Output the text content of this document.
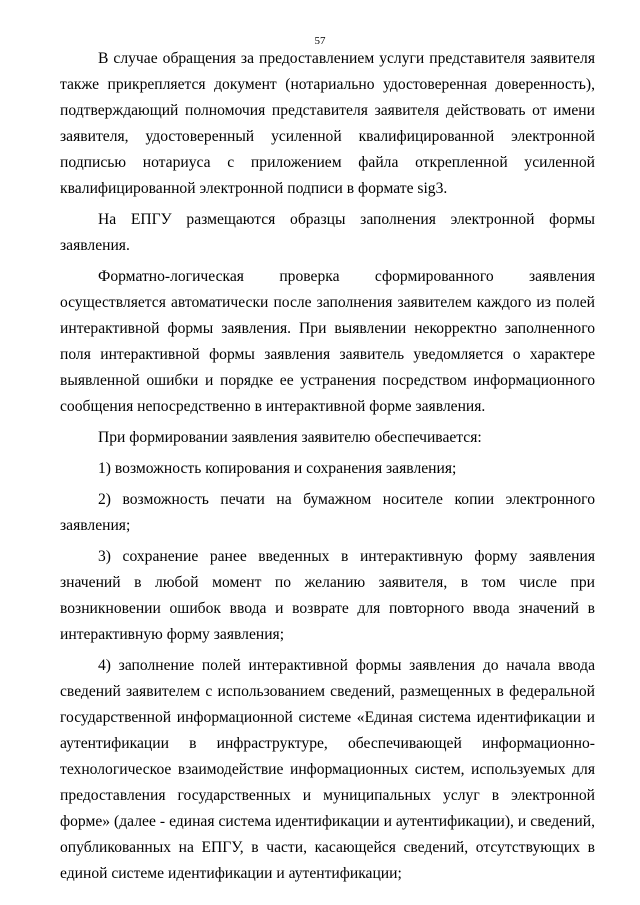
57

В случае обращения за предоставлением услуги представителя заявителя также прикрепляется документ (нотариально удостоверенная доверенность), подтверждающий полномочия представителя заявителя действовать от имени заявителя, удостоверенный усиленной квалифицированной электронной подписью нотариуса с приложением файла открепленной усиленной квалифицированной электронной подписи в формате sig3.

На ЕПГУ размещаются образцы заполнения электронной формы заявления.

Форматно-логическая проверка сформированного заявления осуществляется автоматически после заполнения заявителем каждого из полей интерактивной формы заявления. При выявлении некорректно заполненного поля интерактивной формы заявления заявитель уведомляется о характере выявленной ошибки и порядке ее устранения посредством информационного сообщения непосредственно в интерактивной форме заявления.

При формировании заявления заявителю обеспечивается:

1) возможность копирования и сохранения заявления;

2) возможность печати на бумажном носителе копии электронного заявления;

3) сохранение ранее введенных в интерактивную форму заявления значений в любой момент по желанию заявителя, в том числе при возникновении ошибок ввода и возврате для повторного ввода значений в интерактивную форму заявления;

4) заполнение полей интерактивной формы заявления до начала ввода сведений заявителем с использованием сведений, размещенных в федеральной государственной информационной системе «Единая система идентификации и аутентификации в инфраструктуре, обеспечивающей информационно-технологическое взаимодействие информационных систем, используемых для предоставления государственных и муниципальных услуг в электронной форме» (далее - единая система идентификации и аутентификации), и сведений, опубликованных на ЕПГУ, в части, касающейся сведений, отсутствующих в единой системе идентификации и аутентификации;
